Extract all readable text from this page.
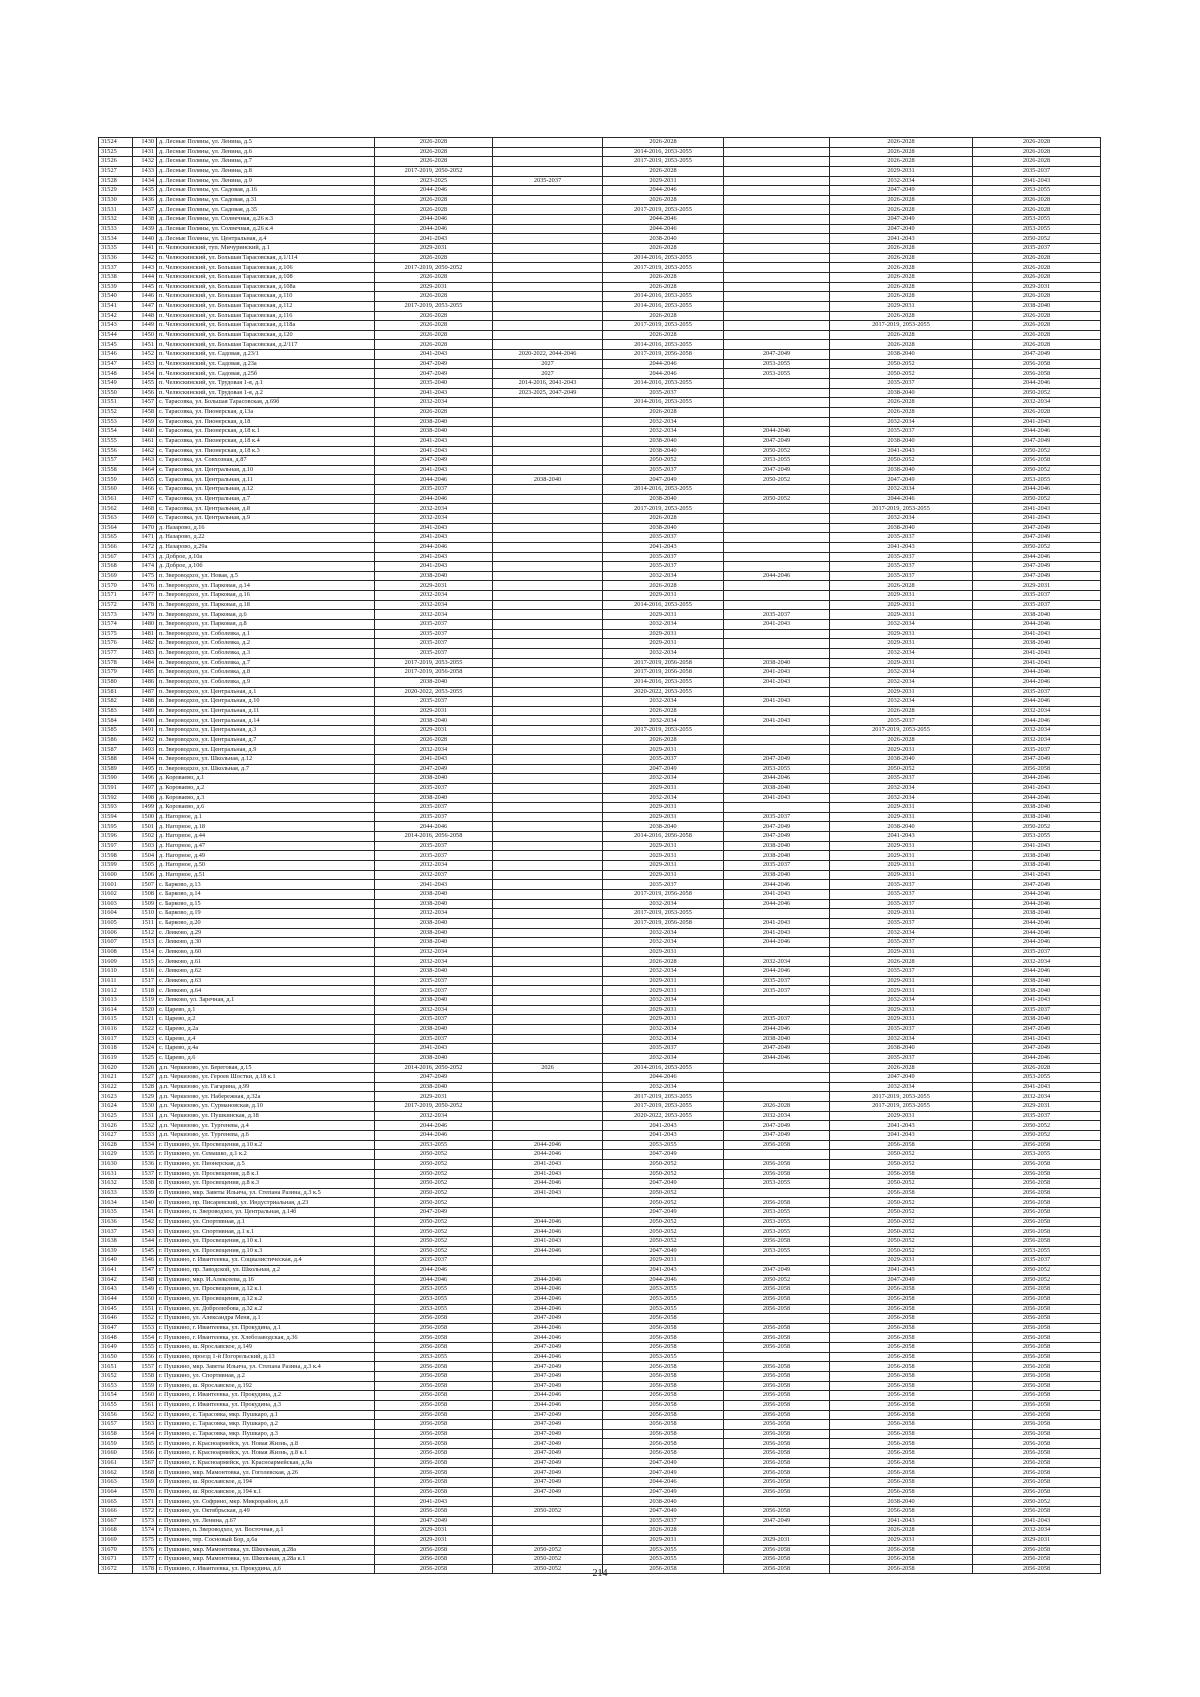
31524	1430	д. Лесные Поляны, ул. Ленина, д.5	2026-2028		2026-2028		2026-2028	2026-2028
31525	1431	д. Лесные Поляны, ул. Ленина, д.6	2026-2028		2014-2016, 2053-2055		2026-2028	2026-2028
31526	1432	д. Лесные Поляны, ул. Ленина, д.7	2026-2028		2017-2019, 2053-2055		2026-2028	2026-2028
31527	1433	д. Лесные Поляны, ул. Ленина, д.8	2017-2019, 2050-2052		2026-2028		2029-2031	2035-2037
31528	1434	д. Лесные Поляны, ул. Ленина, д.9	2023-2025	2035-2037	2029-2031		2032-2034	2041-2043
31529	1435	д. Лесные Поляны, ул. Садовая, д.16	2044-2046		2044-2046		2047-2049	2053-2055
31530	1436	д. Лесные Поляны, ул. Садовая, д.31	2026-2028		2026-2028		2026-2028	2026-2028
31531	1437	д. Лесные Поляны, ул. Садовая, д.35	2026-2028		2017-2019, 2053-2055		2026-2028	2026-2028
31532	1438	д. Лесные Поляны, ул. Солнечная, д.26 к.3	2044-2046		2044-2046		2047-2049	2053-2055
31533	1439	д. Лесные Поляны, ул. Солнечная, д.26 к.4	2044-2046		2044-2046		2047-2049	2053-2055
31534	1440	д. Лесные Поляны, ул. Центральная, д.4	2041-2043		2038-2040		2041-2043	2050-2052
31535	1441	п. Челюскинский, туп. Мичуринский, д.1	2029-2031		2026-2028		2026-2028	2035-2037
31536	1442	п. Челюскинский, ул. Большая Тарасовская, д.1/114	2026-2028		2014-2016, 2053-2055		2026-2028	2026-2028
31537	1443	п. Челюскинский, ул. Большая Тарасовская, д.106	2017-2019, 2050-2052		2017-2019, 2053-2055		2026-2028	2026-2028
31538	1444	п. Челюскинский, ул. Большая Тарасовская, д.108	2026-2028		2026-2028		2026-2028	2026-2028
31539	1445	п. Челюскинский, ул. Большая Тарасовская, д.108а	2029-2031		2026-2028		2026-2028	2029-2031
31540	1446	п. Челюскинский, ул. Большая Тарасовская, д.110	2026-2028		2014-2016, 2053-2055		2026-2028	2026-2028
31541	1447	п. Челюскинский, ул. Большая Тарасовская, д.112	2017-2019, 2053-2055		2014-2016, 2053-2055		2029-2031	2038-2040
31542	1448	п. Челюскинский, ул. Большая Тарасовская, д.116	2026-2028		2026-2028		2026-2028	2026-2028
31543	1449	п. Челюскинский, ул. Большая Тарасовская, д.118а	2026-2028		2017-2019, 2053-2055		2017-2019, 2053-2055	2026-2028
31544	1450	п. Челюскинский, ул. Большая Тарасовская, д.120	2026-2028		2026-2028		2026-2028	2026-2028
31545	1451	п. Челюскинский, ул. Большая Тарасовская, д.2/117	2026-2028		2014-2016, 2053-2055		2026-2028	2026-2028
31546	1452	п. Челюскинский, ул. Садовая, д.23/1	2041-2043	2020-2022, 2044-2046	2017-2019, 2056-2058	2047-2049	2038-2040	2047-2049
31547	1453	п. Челюскинский, ул. Садовая, д.23а	2047-2049	2027	2044-2046	2053-2055	2050-2052	2056-2058
31548	1454	п. Челюскинский, ул. Садовая, д.25б	2047-2049	2027	2044-2046	2053-2055	2050-2052	2056-2058
31549	1455	п. Челюскинский, ул. Трудовая 1-я, д.1	2035-2040	2014-2016, 2041-2043	2014-2016, 2053-2055		2035-2037	2044-2046
31550	1456	п. Челюскинский, ул. Трудовая 1-я, д.2	2041-2043	2023-2025, 2047-2049	2035-2037		2038-2040	2050-2052
31551	1457	с. Тарасовка, ул. Большая Тарасовская, д.69б	2032-2034		2014-2016, 2053-2055		2026-2028	2032-2034
31552	1458	с. Тарасовка, ул. Пионерская, д.13а	2026-2028		2026-2028		2026-2028	2026-2028
31553	1459	с. Тарасовка, ул. Пионерская, д.18	2038-2040		2032-2034		2032-2034	2041-2043
31554	1460	с. Тарасовка, ул. Пионерская, д.18 к.1	2038-2040		2032-2034	2044-2046	2035-2037	2044-2046
31555	1461	с. Тарасовка, ул. Пионерская, д.18 к.4	2041-2043		2038-2040	2047-2049	2038-2040	2047-2049
31556	1462	с. Тарасовка, ул. Пионерская, д.18 к.3	2041-2043		2038-2040	2050-2052	2041-2043	2050-2052
31557	1463	с. Тарасовка, ул. Совхозная, д.87	2047-2049		2050-2052	2053-2055	2050-2052	2056-2058
31558	1464	с. Тарасовка, ул. Центральная, д.10	2041-2043		2035-2037	2047-2049	2038-2040	2050-2052
31559	1465	с. Тарасовка, ул. Центральная, д.11	2044-2046	2038-2040	2047-2049	2050-2052	2047-2049	2053-2055
31560	1466	с. Тарасовка, ул. Центральная, д.12	2035-2037		2014-2016, 2053-2055		2032-2034	2044-2046
31561	1467	с. Тарасовка, ул. Центральная, д.7	2044-2046		2038-2040	2050-2052	2044-2046	2050-2052
31562	1468	с. Тарасовка, ул. Центральная, д.8	2032-2034		2017-2019, 2053-2055		2017-2019, 2053-2055	2041-2043
31563	1469	с. Тарасовка, ул. Центральная, д.9	2032-2034		2026-2028		2032-2034	2041-2043
31564	1470	д. Назарово, д.16	2041-2043		2038-2040		2038-2040	2047-2049
31565	1471	д. Назарово, д.22	2041-2043		2035-2037		2035-2037	2047-2049
31566	1472	д. Назарово, д.29а	2044-2046		2041-2043		2041-2043	2050-2052
31567	1473	д. Доброе, д.10а	2041-2043		2035-2037		2035-2037	2044-2046
31568	1474	д. Доброе, д.10б	2041-2043		2035-2037		2035-2037	2047-2049
31569	1475	п. Звероводхоз, ул. Новая, д.5	2038-2040		2032-2034	2044-2046	2035-2037	2047-2049
31570	1476	п. Звероводхоз, ул. Парковая, д.14	2029-2031		2026-2028		2026-2028	2029-2031
31571	1477	п. Звероводхоз, ул. Парковая, д.16	2032-2034		2029-2031		2029-2031	2035-2037
31572	1478	п. Звероводхоз, ул. Парковая, д.18	2032-2034		2014-2016, 2053-2055		2029-2031	2035-2037
31573	1479	п. Звероводхоз, ул. Парковая, д.6	2032-2034		2029-2031	2035-2037	2029-2031	2038-2040
31574	1480	п. Звероводхоз, ул. Парковая, д.8	2035-2037		2032-2034	2041-2043	2032-2034	2044-2046
31575	1481	п. Звероводхоз, ул. Соболевка, д.1	2035-2037		2029-2031		2029-2031	2041-2043
31576	1482	п. Звероводхоз, ул. Соболевка, д.2	2035-2037		2029-2031		2029-2031	2038-2040
31577	1483	п. Звероводхоз, ул. Соболевка, д.3	2035-2037		2032-2034		2032-2034	2041-2043
31578	1484	п. Звероводхоз, ул. Соболевка, д.7	2017-2019, 2053-2055		2017-2019, 2056-2058	2038-2040	2029-2031	2041-2043
31579	1485	п. Звероводхоз, ул. Соболевка, д.8	2017-2019, 2056-2058		2017-2019, 2056-2058	2041-2043	2032-2034	2044-2046
31580	1486	п. Звероводхоз, ул. Соболевка, д.9	2038-2040		2014-2016, 2053-2055	2041-2043	2032-2034	2044-2046
31581	1487	п. Звероводхоз, ул. Центральная, д.1	2020-2022, 2053-2055		2020-2022, 2053-2055		2029-2031	2035-2037
31582	1488	п. Звероводхоз, ул. Центральная, д.10	2035-2037		2032-2034	2041-2043	2032-2034	2044-2046
31583	1489	п. Звероводхоз, ул. Центральная, д.11	2029-2031		2026-2028		2026-2028	2032-2034
31584	1490	п. Звероводхоз, ул. Центральная, д.14	2038-2040		2032-2034	2041-2043	2035-2037	2044-2046
31585	1491	п. Звероводхоз, ул. Центральная, д.3	2029-2031		2017-2019, 2053-2055		2017-2019, 2053-2055	2032-2034
31586	1492	п. Звероводхоз, ул. Центральная, д.7	2026-2028		2026-2028		2026-2028	2032-2034
31587	1493	п. Звероводхоз, ул. Центральная, д.9	2032-2034		2029-2031		2029-2031	2035-2037
31588	1494	п. Звероводхоз, ул. Школьная, д.12	2041-2043		2035-2037	2047-2049	2038-2040	2047-2049
31589	1495	п. Звероводхоз, ул. Школьная, д.7	2047-2049		2047-2049	2053-2055	2050-2052	2056-2058
31590	1496	д. Короваево, д.1	2038-2040		2032-2034	2044-2046	2035-2037	2044-2046
31591	1497	д. Короваево, д.2	2035-2037		2029-2031	2038-2040	2032-2034	2041-2043
31592	1498	д. Короваево, д.3	2038-2040		2032-2034	2041-2043	2032-2034	2044-2046
31593	1499	д. Короваево, д.6	2035-2037		2029-2031		2029-2031	2038-2040
31594	1500	д. Нагорное, д.1	2035-2037		2029-2031	2035-2037	2029-2031	2038-2040
31595	1501	д. Нагорное, д.18	2044-2046		2038-2040	2047-2049	2038-2040	2050-2052
31596	1502	д. Нагорное, д.44	2014-2016, 2056-2058		2014-2016, 2056-2058	2047-2049	2041-2043	2053-2055
31597	1503	д. Нагорное, д.47	2035-2037		2029-2031	2038-2040	2029-2031	2041-2043
31598	1504	д. Нагорное, д.49	2035-2037		2029-2031	2038-2040	2029-2031	2038-2040
31599	1505	д. Нагорное, д.50	2032-2034		2029-2031	2035-2037	2029-2031	2038-2040
31600	1506	д. Нагорное, д.51	2032-2037		2029-2031	2038-2040	2029-2031	2041-2043
31601	1507	с. Барково, д.13	2041-2043		2035-2037	2044-2046	2035-2037	2047-2049
31602	1508	с. Барково, д.14	2038-2040		2017-2019, 2056-2058	2041-2043	2035-2037	2044-2046
31603	1509	с. Барково, д.15	2038-2040		2032-2034	2044-2046	2035-2037	2044-2046
31604	1510	с. Барково, д.19	2032-2034		2017-2019, 2053-2055		2029-2031	2038-2040
31605	1511	с. Барково, д.20	2038-2040		2017-2019, 2056-2058	2041-2043	2035-2037	2044-2046
31606	1512	с. Левково, д.29	2038-2040		2032-2034	2041-2043	2032-2034	2044-2046
31607	1513	с. Левково, д.30	2038-2040		2032-2034	2044-2046	2035-2037	2044-2046
31608	1514	с. Левково, д.60	2032-2034		2029-2031		2029-2031	2035-2037
31609	1515	с. Левково, д.61	2032-2034		2026-2028	2032-2034	2026-2028	2032-2034
31610	1516	с. Левково, д.62	2038-2040		2032-2034	2044-2046	2035-2037	2044-2046
31611	1517	с. Левково, д.63	2035-2037		2029-2031	2035-2037	2029-2031	2038-2040
31612	1518	с. Левково, д.64	2035-2037		2029-2031	2035-2037	2029-2031	2038-2040
31613	1519	с. Левково, ул. Заречная, д.1	2038-2040		2032-2034		2032-2034	2041-2043
31614	1520	с. Царево, д.1	2032-2034		2029-2031		2029-2031	2035-2037
31615	1521	с. Царево, д.2	2035-2037		2029-2031	2035-2037	2029-2031	2038-2040
31616	1522	с. Царево, д.2а	2038-2040		2032-2034	2044-2046	2035-2037	2047-2049
31617	1523	с. Царево, д.4	2035-2037		2032-2034	2038-2040	2032-2034	2041-2043
31618	1524	с. Царево, д.4а	2041-2043		2035-2037	2047-2049	2038-2040	2047-2049
31619	1525	с. Царево, д.6	2038-2040		2032-2034	2044-2046	2035-2037	2044-2046
31620	1526	д.п. Черкизово, ул. Береговая, д.15	2014-2016, 2050-2052	2026	2014-2016, 2053-2055		2026-2028	2026-2028
31621	1527	д.п. Черкизово, ул. Героев Шостки, д.18 к.1	2047-2049		2044-2046		2047-2049	2053-2055
31622	1528	д.п. Черкизово, ул. Гагарина, д.99	2038-2040		2032-2034		2032-2034	2041-2043
31623	1529	д.п. Черкизово, ул. Набережная, д.32а	2029-2031		2017-2019, 2053-2055		2017-2019, 2053-2055	2032-2034
31624	1530	д.п. Черкизово, ул. Сурмановская, д.10	2017-2019, 2050-2052		2017-2019, 2053-2055	2026-2028	2017-2019, 2053-2055	2029-2031
31625	1531	д.п. Черкизово, ул. Пушкинская, д.18	2032-2034		2020-2022, 2053-2055	2032-2034	2029-2031	2035-2037
31626	1532	д.п. Черкизово, ул. Тургенева, д.4	2044-2046		2041-2043	2047-2049	2041-2043	2050-2052
31627	1533	д.п. Черкизово, ул. Тургенева, д.6	2044-2046		2041-2043	2047-2049	2041-2043	2050-2052
31628	1534	г. Пушкино, ул. Просвещения, д.10 к.2	2053-2055	2044-2046	2053-2055	2056-2058	2056-2058	2056-2058
31629	1535	г. Пушкино, ул. Семашко, д.1 к.2	2050-2052	2044-2046	2047-2049		2050-2052	2053-2055
31630	1536	г. Пушкино, ул. Пионерская, д.5	2050-2052	2041-2043	2050-2052	2056-2058	2050-2052	2056-2058
31631	1537	г. Пушкино, ул. Просвещения, д.8 к.1	2050-2052	2041-2043	2050-2052	2056-2058	2056-2058	2056-2058
31632	1538	г. Пушкино, ул. Просвещения, д.8 к.3	2050-2052	2044-2046	2047-2049	2053-2055	2050-2052	2056-2058
31633	1539	г. Пушкино, мкр. Заветы Ильича, ул. Степана Разина, д.3 к.5	2050-2052	2041-2043	2050-2052		2056-2058	2056-2058
31634	1540	г. Пушкино, пр. Писаревский, ул. Индустриальная, д.23	2050-2052		2050-2052	2056-2058	2050-2052	2056-2058
31635	1541	г. Пушкино, п. Звероводхоз, ул. Центральная, д.14б	2047-2049		2047-2049	2053-2055	2050-2052	2056-2058
31636	1542	г. Пушкино, ул. Спортивная, д.1	2050-2052	2044-2046	2050-2052	2053-2055	2050-2052	2056-2058
31637	1543	г. Пушкино, ул. Спортивная, д.1 к.1	2050-2052	2044-2046	2050-2052	2053-2055	2050-2052	2056-2058
31638	1544	г. Пушкино, ул. Просвещения, д.10 к.1	2050-2052	2041-2043	2050-2052	2056-2058	2050-2052	2056-2058
31639	1545	г. Пушкино, ул. Просвещения, д.10 к.3	2050-2052	2044-2046	2047-2049	2053-2055	2050-2052	2053-2055
31640	1546	г. Пушкино, г. Ивантеевка, ул. Социалистическая, д.4	2035-2037		2029-2031		2029-2031	2035-2037
31641	1547	г. Пушкино, пр. Заводской, ул. Школьная, д.2	2044-2046		2041-2043	2047-2049	2041-2043	2050-2052
31642	1548	г. Пушкино, мкр. И.Алексеева, д.16	2044-2046	2044-2046	2044-2046	2050-2052	2047-2049	2050-2052
31643	1549	г. Пушкино, ул. Просвещения, д.12 к.1	2053-2055	2044-2046	2053-2055	2056-2058	2056-2058	2056-2058
31644	1550	г. Пушкино, ул. Просвещения, д.12 к.2	2053-2055	2044-2046	2053-2055	2056-2058	2056-2058	2056-2058
31645	1551	г. Пушкино, ул. Добролюбова, д.32 к.2	2053-2055	2044-2046	2053-2055	2056-2058	2056-2058	2056-2058
31646	1552	г. Пушкино, ул. Александра Меня, д.1	2056-2058	2047-2049	2056-2058		2056-2058	2056-2058
31647	1553	г. Пушкино, г. Ивантеевка, ул. Прокудина, д.1	2056-2058	2044-2046	2056-2058	2056-2058	2056-2058	2056-2058
31648	1554	г. Пушкино, г. Ивантеевка, ул. Хлебозаводская, д.36	2056-2058	2044-2046	2056-2058	2056-2058	2056-2058	2056-2058
31649	1555	г. Пушкино, ш. Ярославское, д.149	2056-2058	2047-2049	2056-2058	2056-2058	2056-2058	2056-2058
31650	1556	г. Пушкино, проезд 1-й Погорельский, д.13	2053-2055	2044-2046	2053-2055		2056-2058	2056-2058
31651	1557	г. Пушкино, мкр. Заветы Ильича, ул. Степана Разина, д.3 к.4	2056-2058	2047-2049	2056-2058	2056-2058	2056-2058	2056-2058
31652	1558	г. Пушкино, ул. Спортивная, д.2	2056-2058	2047-2049	2056-2058	2056-2058	2056-2058	2056-2058
31653	1559	г. Пушкино, ш. Ярославское, д.192	2056-2058	2047-2049	2056-2058	2056-2058	2056-2058	2056-2058
31654	1560	г. Пушкино, г. Ивантеевка, ул. Прокудина, д.2	2056-2058	2044-2046	2056-2058	2056-2058	2056-2058	2056-2058
31655	1561	г. Пушкино, г. Ивантеевка, ул. Прокудина, д.3	2056-2058	2044-2046	2056-2058	2056-2058	2056-2058	2056-2058
31656	1562	г. Пушкино, с. Тарасовка, мкр. Пушкаро, д.1	2056-2058	2047-2049	2056-2058	2056-2058	2056-2058	2056-2058
31657	1563	г. Пушкино, с. Тарасовка, мкр. Пушкаро, д.2	2056-2058	2047-2049	2056-2058	2056-2058	2056-2058	2056-2058
31658	1564	г. Пушкино, с. Тарасовка, мкр. Пушкаро, д.3	2056-2058	2047-2049	2056-2058	2056-2058	2056-2058	2056-2058
31659	1565	г. Пушкино, г. Красноармейск, ул. Новая Жизнь, д.8	2056-2058	2047-2049	2056-2058	2056-2058	2056-2058	2056-2058
31660	1566	г. Пушкино, г. Красноармейск, ул. Новая Жизнь, д.8 к.1	2056-2058	2047-2049	2056-2058	2056-2058	2056-2058	2056-2058
31661	1567	г. Пушкино, г. Красноармейск, ул. Красноармейская, д.9а	2056-2058	2047-2049	2047-2049	2056-2058	2056-2058	2056-2058
31662	1568	г. Пушкино, мкр. Мамонтовка, ул. Гоголевская, д.26	2056-2058	2047-2049	2047-2049	2056-2058	2056-2058	2056-2058
31663	1569	г. Пушкино, ш. Ярославское, д.194	2056-2058	2047-2049	2044-2046	2056-2058	2056-2058	2056-2058
31664	1570	г. Пушкино, ш. Ярославское, д.194 к.1	2056-2058	2047-2049	2047-2049	2056-2058	2056-2058	2056-2058
31665	1571	г. Пушкино, ул. Софрино, мкр. Микрорайон, д.6	2041-2043		2038-2040		2038-2040	2050-2052
31666	1572	г. Пушкино, ул. Октябрьская, д.49	2056-2058	2050-2052	2047-2049	2056-2058	2056-2058	2056-2058
31667	1573	г. Пушкино, ул. Ленина, д.67	2047-2049		2035-2037	2047-2049	2041-2043	2041-2043
31668	1574	г. Пушкино, п. Звероводхоз, ул. Восточная, д.1	2029-2031		2026-2028		2026-2028	2032-2034
31669	1575	г. Пушкино, тер. Сосновый Бор, д.6а	2029-2031		2029-2031	2029-2031	2029-2031	2029-2031
31670	1576	г. Пушкино, мкр. Мамонтовка, ул. Школьная, д.28а	2056-2058	2050-2052	2053-2055	2056-2058	2056-2058	2056-2058
31671	1577	г. Пушкино, мкр. Мамонтовка, ул. Школьная, д.28а к.1	2056-2058	2050-2052	2053-2055	2056-2058	2056-2058	2056-2058
31672	1578	г. Пушкино, г. Ивантеевка, ул. Прокудина, д.6	2056-2058	2050-2052	2056-2058	2056-2058	2056-2058	2056-2058
214
